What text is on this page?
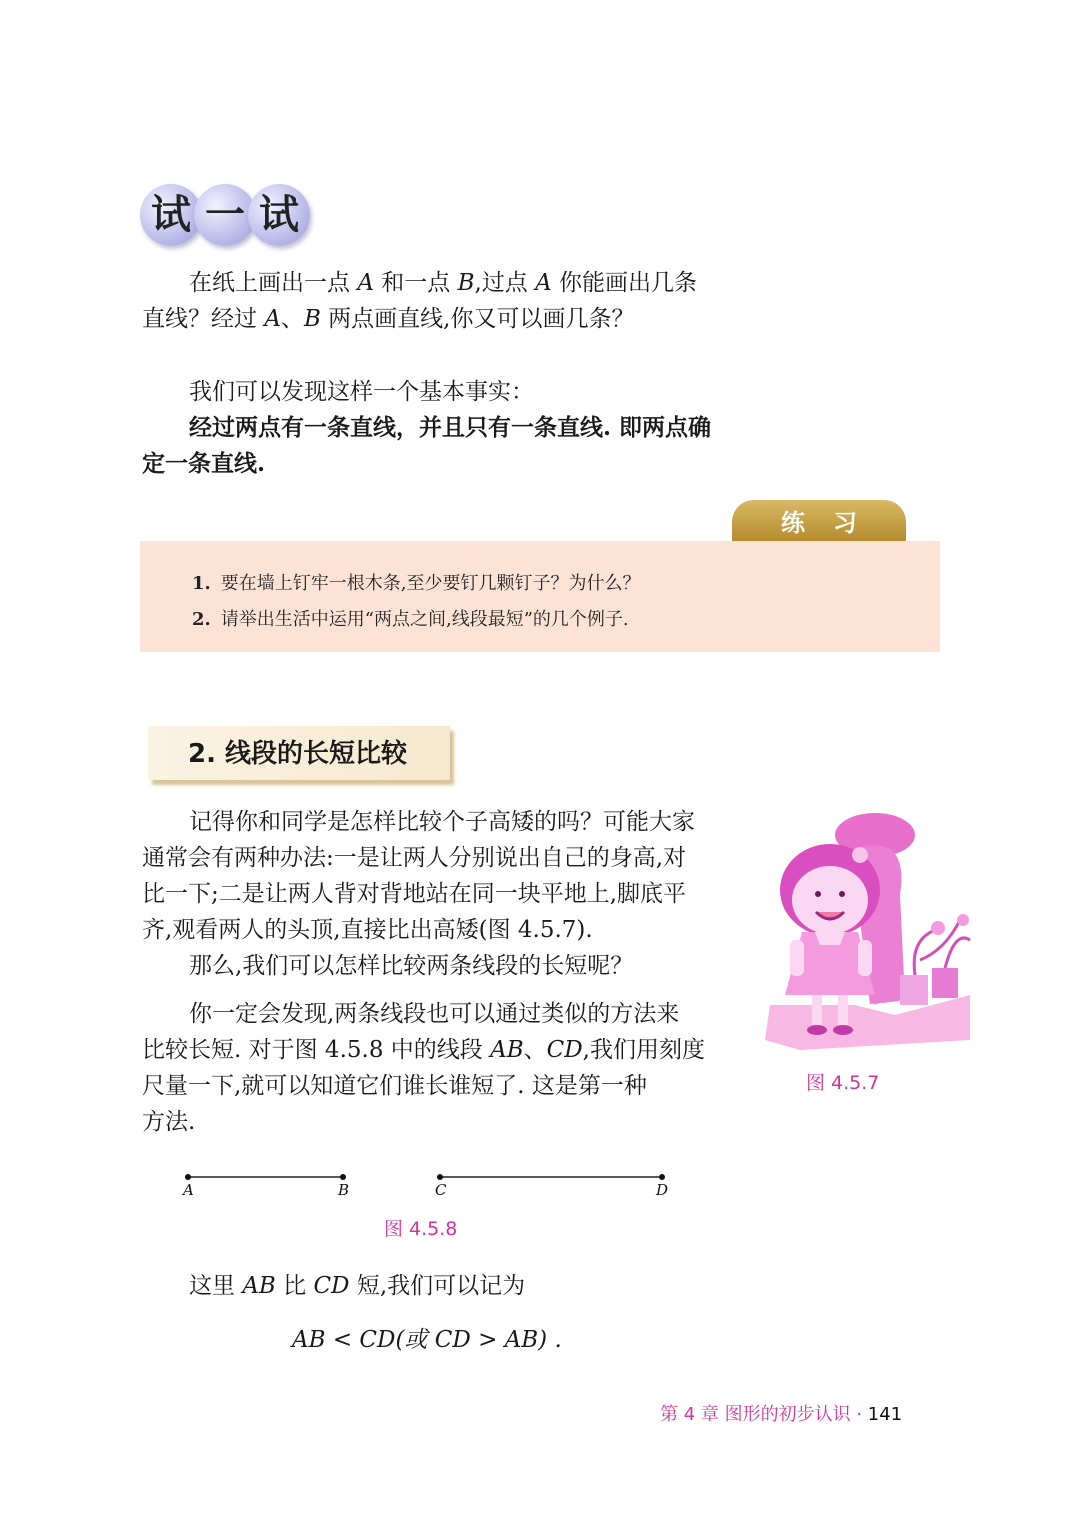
试 一 试
在纸上画出一点 A 和一点 B,过点 A 你能画出几条
直线？经过 A、B 两点画直线,你又可以画几条？
我们可以发现这样一个基本事实：
经过两点有一条直线，并且只有一条直线. 即两点确
定一条直线.
练习
1. 要在墙上钉牢一根木条,至少要钉几颗钉子？为什么？
2. 请举出生活中运用“两点之间,线段最短”的几个例子.
2. 线段的长短比较
记得你和同学是怎样比较个子高矮的吗？可能大家
通常会有两种办法:一是让两人分别说出自己的身高,对
比一下;二是让两人背对背地站在同一块平地上,脚底平
齐,观看两人的头顶,直接比出高矮(图 4.5.7).
那么,我们可以怎样比较两条线段的长短呢？
你一定会发现,两条线段也可以通过类似的方法来
比较长短. 对于图 4.5.8 中的线段 AB、CD,我们用刻度
尺量一下,就可以知道它们谁长谁短了. 这是第一种
方法.
图 4.5.7
A	B	C	D
图 4.5.8
这里 AB 比 CD 短,我们可以记为
AB < CD(或 CD > AB) .
第 4 章 图形的初步认识 · 141
